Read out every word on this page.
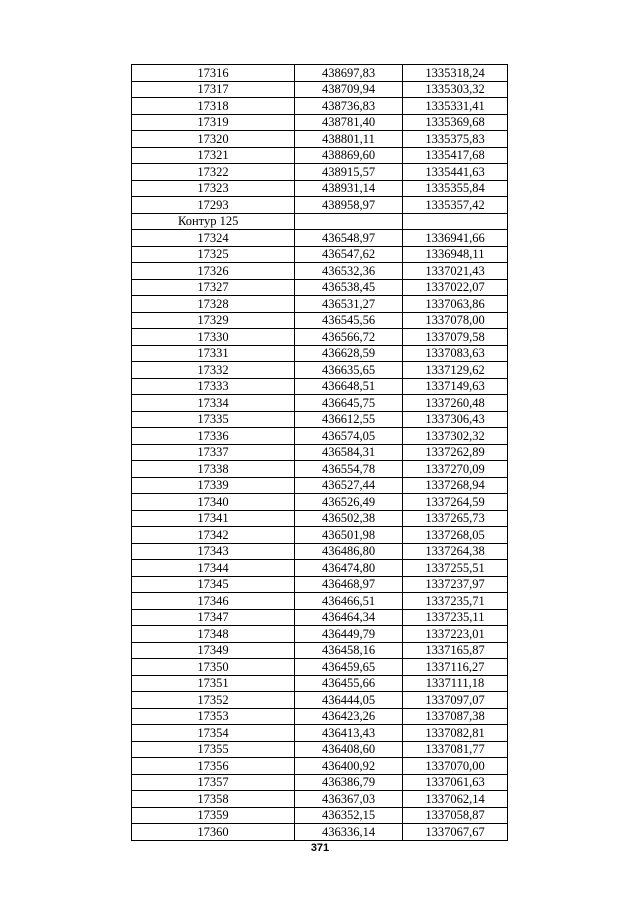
17316	438697,83	1335318,24
17317	438709,94	1335303,32
17318	438736,83	1335331,41
17319	438781,40	1335369,68
17320	438801,11	1335375,83
17321	438869,60	1335417,68
17322	438915,57	1335441,63
17323	438931,14	1335355,84
17293	438958,97	1335357,42
Контур 125		
17324	436548,97	1336941,66
17325	436547,62	1336948,11
17326	436532,36	1337021,43
17327	436538,45	1337022,07
17328	436531,27	1337063,86
17329	436545,56	1337078,00
17330	436566,72	1337079,58
17331	436628,59	1337083,63
17332	436635,65	1337129,62
17333	436648,51	1337149,63
17334	436645,75	1337260,48
17335	436612,55	1337306,43
17336	436574,05	1337302,32
17337	436584,31	1337262,89
17338	436554,78	1337270,09
17339	436527,44	1337268,94
17340	436526,49	1337264,59
17341	436502,38	1337265,73
17342	436501,98	1337268,05
17343	436486,80	1337264,38
17344	436474,80	1337255,51
17345	436468,97	1337237,97
17346	436466,51	1337235,71
17347	436464,34	1337235,11
17348	436449,79	1337223,01
17349	436458,16	1337165,87
17350	436459,65	1337116,27
17351	436455,66	1337111,18
17352	436444,05	1337097,07
17353	436423,26	1337087,38
17354	436413,43	1337082,81
17355	436408,60	1337081,77
17356	436400,92	1337070,00
17357	436386,79	1337061,63
17358	436367,03	1337062,14
17359	436352,15	1337058,87
17360	436336,14	1337067,67
371
